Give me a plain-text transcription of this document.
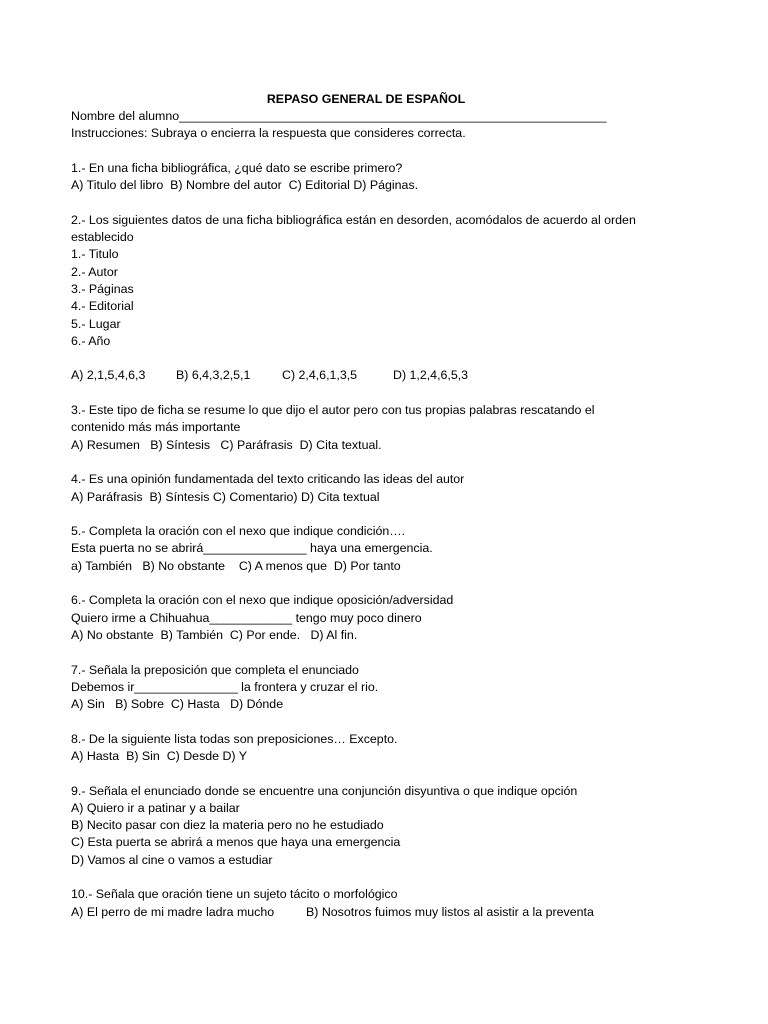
REPASO GENERAL DE ESPAÑOL
Nombre del alumno______________________________________________________________
Instrucciones: Subraya o encierra la respuesta que consideres correcta.
1.- En una ficha bibliográfica, ¿qué dato se escribe primero?
A) Titulo del libro  B) Nombre del autor  C) Editorial D) Páginas.
2.- Los siguientes datos de una ficha bibliográfica están en desorden, acomódalos de acuerdo al orden
establecido
1.- Titulo
2.- Autor
3.- Páginas
4.- Editorial
5.- Lugar
6.- Año
A) 2,1,5,4,6,3	B) 6,4,3,2,5,1	C) 2,4,6,1,3,5	D) 1,2,4,6,5,3
3.- Este tipo de ficha se resume lo que dijo el autor pero con tus propias palabras rescatando el
contenido más más importante
A) Resumen   B) Síntesis   C) Paráfrasis  D) Cita textual.
4.- Es una opinión fundamentada del texto criticando las ideas del autor
A) Paráfrasis  B) Síntesis C) Comentario) D) Cita textual
5.- Completa la oración con el nexo que indique condición….
Esta puerta no se abrirá_______________ haya una emergencia.
a) También   B) No obstante    C) A menos que  D) Por tanto
6.- Completa la oración con el nexo que indique oposición/adversidad
Quiero irme a Chihuahua____________ tengo muy poco dinero
A) No obstante  B) También  C) Por ende.   D) Al fin.
7.- Señala la preposición que completa el enunciado
Debemos ir_______________ la frontera y cruzar el rio.
A) Sin   B) Sobre  C) Hasta   D) Dónde
8.- De la siguiente lista todas son preposiciones… Excepto.
A) Hasta  B) Sin  C) Desde D) Y
9.- Señala el enunciado donde se encuentre una conjunción disyuntiva o que indique opción
A) Quiero ir a patinar y a bailar
B) Necito pasar con diez la materia pero no he estudiado
C) Esta puerta se abrirá a menos que haya una emergencia
D) Vamos al cine o vamos a estudiar
10.- Señala que oración tiene un sujeto tácito o morfológico
A) El perro de mi madre ladra mucho	B) Nosotros fuimos muy listos al asistir a la preventa
